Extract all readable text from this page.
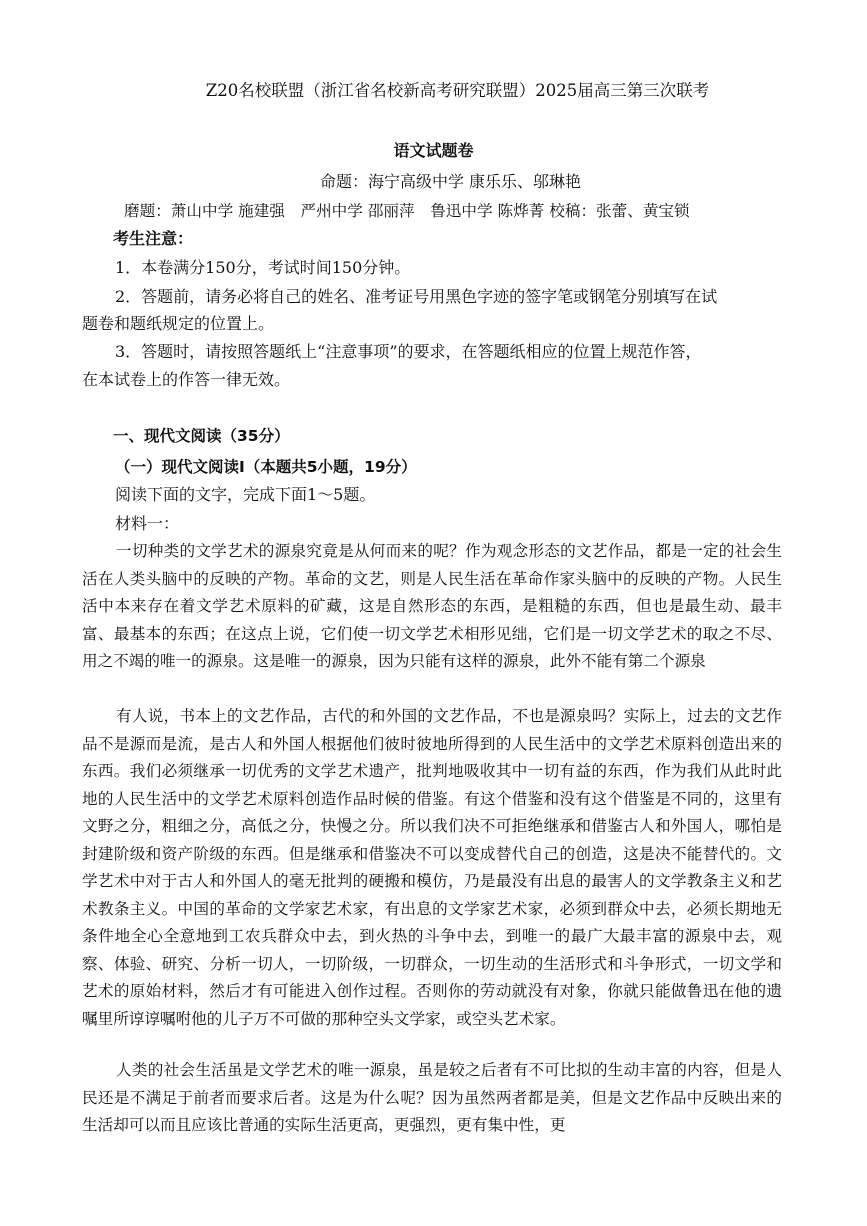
Z20名校联盟（浙江省名校新高考研究联盟）2025届高三第三次联考
语文试题卷
命题：海宁高级中学 康乐乐、邬琳艳
磨题：萧山中学 施建强　严州中学 邵丽萍　鲁迅中学 陈烨菁 校稿：张蕾、黄宝锁
考生注意：
1．本卷满分150分，考试时间150分钟。
2．答题前，请务必将自己的姓名、准考证号用黑色字迹的签字笔或钢笔分别填写在试
题卷和题纸规定的位置上。
3．答题时，请按照答题纸上“注意事项”的要求，在答题纸相应的位置上规范作答，
在本试卷上的作答一律无效。
一、现代文阅读（35分）
（一）现代文阅读Ⅰ（本题共5小题，19分）
阅读下面的文字，完成下面1～5题。
材料一：

一切种类的文学艺术的源泉究竟是从何而来的呢？作为观念形态的文艺作品，都是一定的社会生活在人类头脑中的反映的产物。革命的文艺，则是人民生活在革命作家头脑中的反映的产物。人民生活中本来存在着文学艺术原料的矿藏，这是自然形态的东西，是粗糙的东西，但也是最生动、最丰富、最基本的东西；在这点上说，它们使一切文学艺术相形见绌，它们是一切文学艺术的取之不尽、用之不竭的唯一的源泉。这是唯一的源泉，因为只能有这样的源泉，此外不能有第二个源泉

有人说，书本上的文艺作品，古代的和外国的文艺作品，不也是源泉吗？实际上，过去的文艺作品不是源而是流，是古人和外国人根据他们彼时彼地所得到的人民生活中的文学艺术原料创造出来的东西。我们必须继承一切优秀的文学艺术遗产，批判地吸收其中一切有益的东西，作为我们从此时此地的人民生活中的文学艺术原料创造作品时候的借鉴。有这个借鉴和没有这个借鉴是不同的，这里有文野之分，粗细之分，高低之分，快慢之分。所以我们决不可拒绝继承和借鉴古人和外国人，哪怕是封建阶级和资产阶级的东西。但是继承和借鉴决不可以变成替代自己的创造，这是决不能替代的。文学艺术中对于古人和外国人的毫无批判的硬搬和模仿，乃是最没有出息的最害人的文学教条主义和艺术教条主义。中国的革命的文学家艺术家，有出息的文学家艺术家，必须到群众中去，必须长期地无条件地全心全意地到工农兵群众中去，到火热的斗争中去，到唯一的最广大最丰富的源泉中去，观察、体验、研究、分析一切人，一切阶级，一切群众，一切生动的生活形式和斗争形式，一切文学和艺术的原始材料，然后才有可能进入创作过程。否则你的劳动就没有对象，你就只能做鲁迅在他的遗嘱里所谆谆嘱咐他的儿子万不可做的那种空头文学家，或空头艺术家。

人类的社会生活虽是文学艺术的唯一源泉，虽是较之后者有不可比拟的生动丰富的内容，但是人民还是不满足于前者而要求后者。这是为什么呢？因为虽然两者都是美，但是文艺作品中反映出来的生活却可以而且应该比普通的实际生活更高，更强烈，更有集中性，更
